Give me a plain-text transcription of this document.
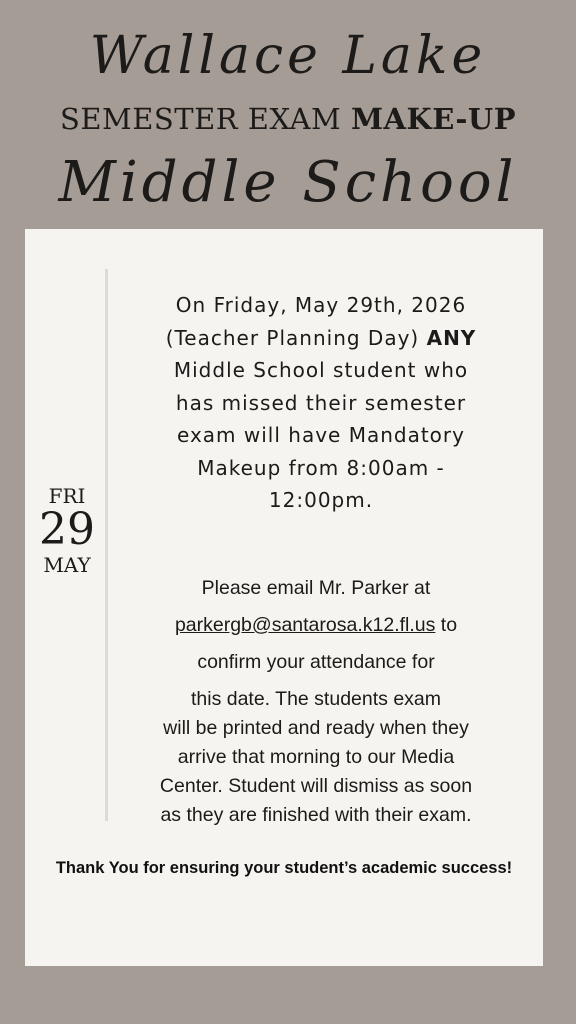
Wallace Lake
SEMESTER EXAM MAKE-UP
Middle School
FRI
29
MAY
On Friday, May 29th, 2026
(Teacher Planning Day) ANY
Middle School student who
has missed their semester
exam will have Mandatory
Makeup from 8:00am -
12:00pm.
Please email Mr. Parker at
parkergb@santarosa.k12.fl.us to
confirm your attendance for
this date. The students exam
will be printed and ready when they
arrive that morning to our Media
Center. Student will dismiss as soon
as they are finished with their exam.
Thank You for ensuring your student’s academic success!
